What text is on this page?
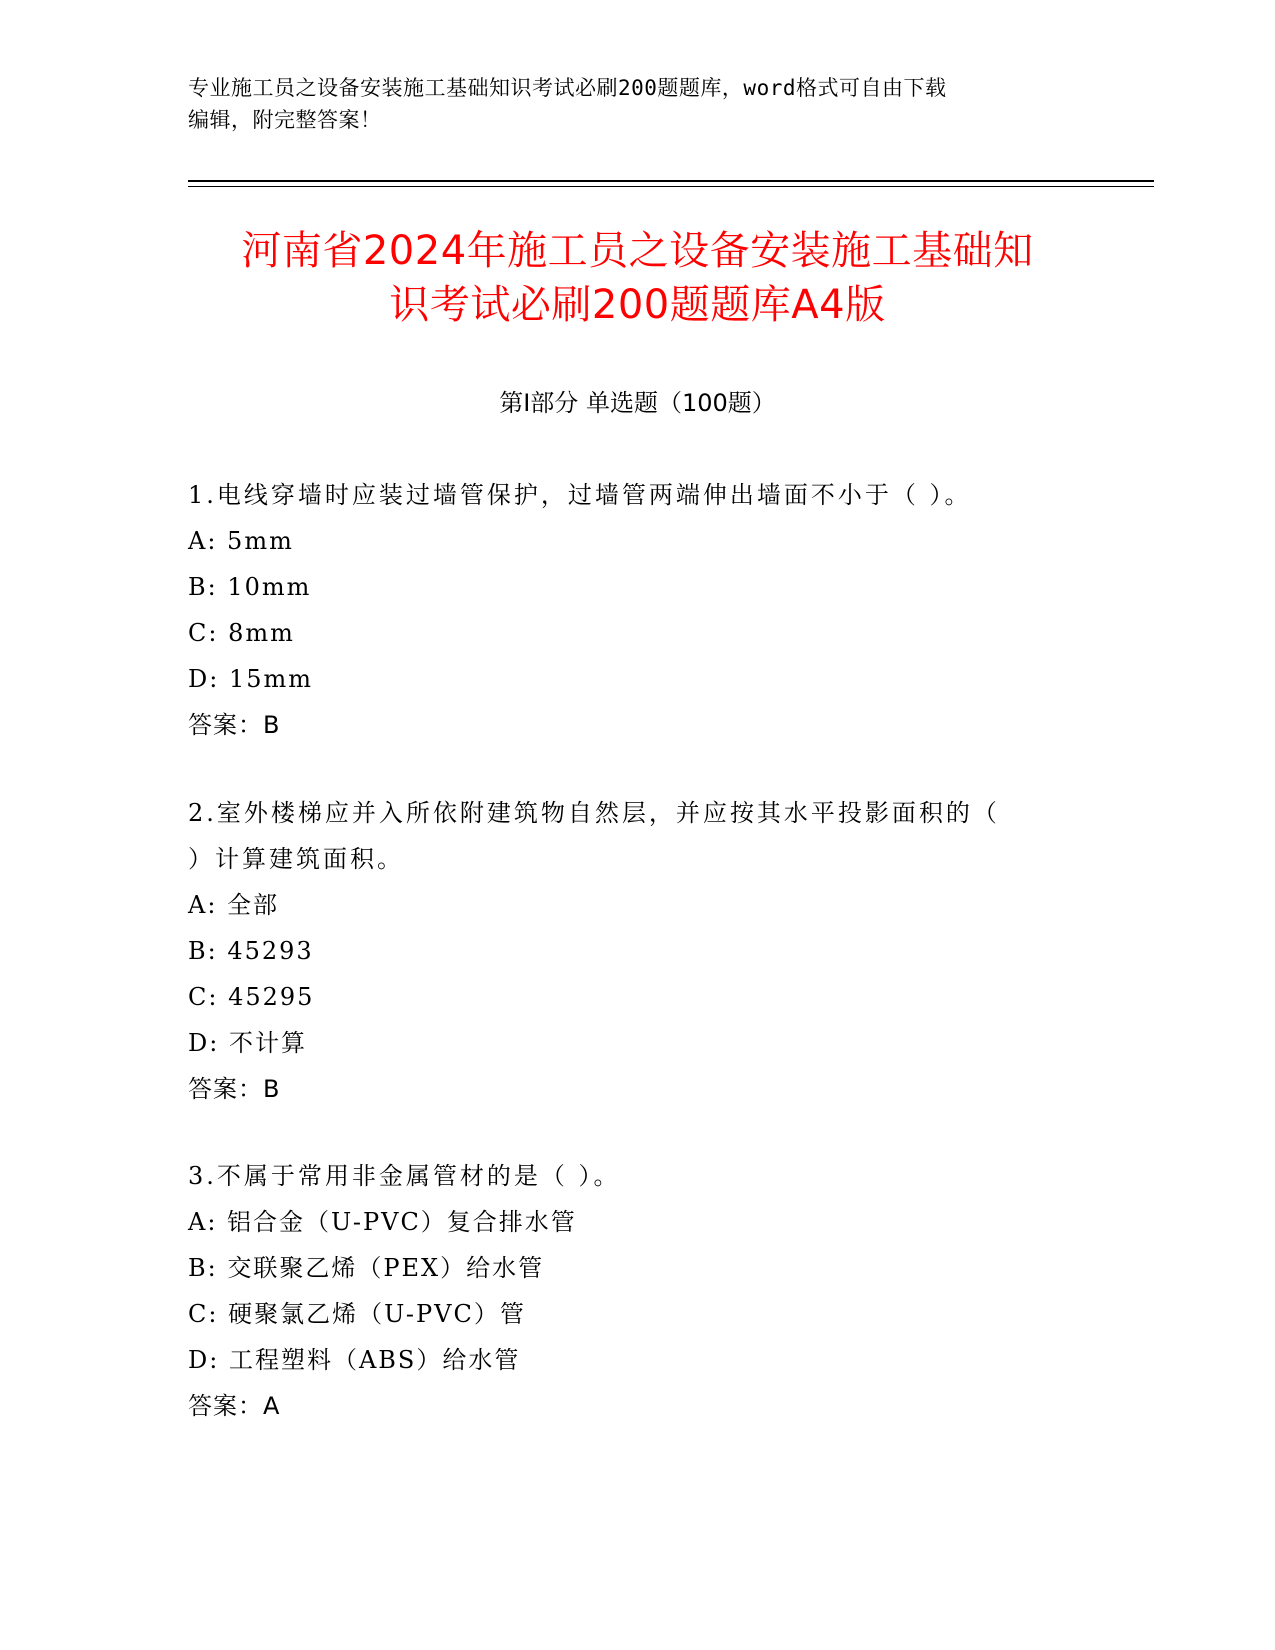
专业施工员之设备安装施工基础知识考试必刷200题题库，word格式可自由下载
编辑，附完整答案！
河南省2024年施工员之设备安装施工基础知
识考试必刷200题题库A4版
第Ⅰ部分 单选题（100题）
1.电线穿墙时应装过墙管保护，过墙管两端伸出墙面不小于（ ）。
A: 5mm
B: 10mm
C: 8mm
D: 15mm
答案：B
2.室外楼梯应并入所依附建筑物自然层，并应按其水平投影面积的（
）计算建筑面积。
A: 全部
B: 45293
C: 45295
D: 不计算
答案：B
3.不属于常用非金属管材的是（ ）。
A: 铝合金（U-PVC）复合排水管
B: 交联聚乙烯（PEX）给水管
C: 硬聚氯乙烯（U-PVC）管
D: 工程塑料（ABS）给水管
答案：A
